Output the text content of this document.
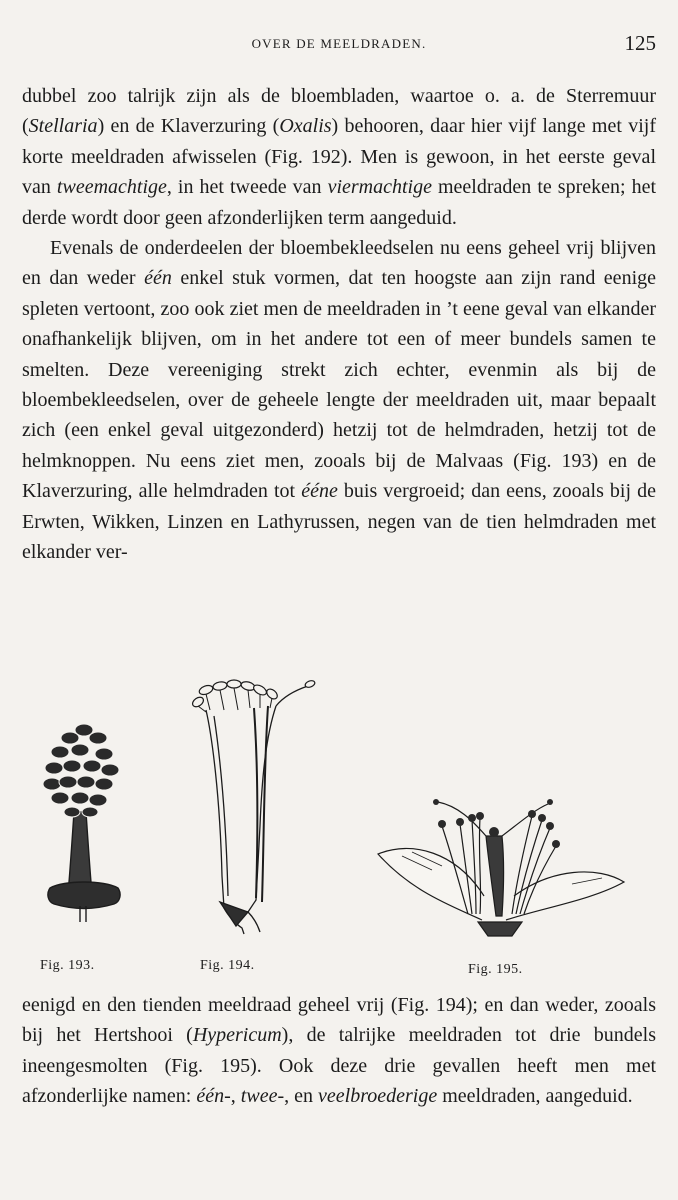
OVER DE MEELDRADEN.	125

dubbel zoo talrijk zijn als de bloembladen, waartoe o. a. de Sterremuur (Stellaria) en de Klaverzuring (Oxalis) behooren, daar hier vijf lange met vijf korte meeldraden afwisselen (Fig. 192). Men is gewoon, in het eerste geval van tweemachtige, in het tweede van viermachtige meeldraden te spreken; het derde wordt door geen afzonderlijken term aangeduid.

Evenals de onderdeelen der bloembekleedselen nu eens geheel vrij blijven en dan weder één enkel stuk vormen, dat ten hoogste aan zijn rand eenige spleten vertoont, zoo ook ziet men de meeldraden in ’t eene geval van elkander onafhankelijk blijven, om in het andere tot een of meer bundels samen te smelten. Deze vereeniging strekt zich echter, evenmin als bij de bloembekleedselen, over de geheele lengte der meeldraden uit, maar bepaalt zich (een enkel geval uitgezonderd) hetzij tot de helmdraden, hetzij tot de helmknoppen. Nu eens ziet men, zooals bij de Malvaas (Fig. 193) en de Klaverzuring, alle helmdraden tot ééne buis vergroeid; dan eens, zooals bij de Erwten, Wikken, Linzen en Lathyrussen, negen van de tien helmdraden met elkander ver-

Fig. 193.	Fig. 194.	Fig. 195.

eenigd en den tienden meeldraad geheel vrij (Fig. 194); en dan weder, zooals bij het Hertshooi (Hypericum), de talrijke meeldraden tot drie bundels ineengesmolten (Fig. 195). Ook deze drie gevallen heeft men met afzonderlijke namen: één-, twee-, en veelbroederige meeldraden, aangeduid.
